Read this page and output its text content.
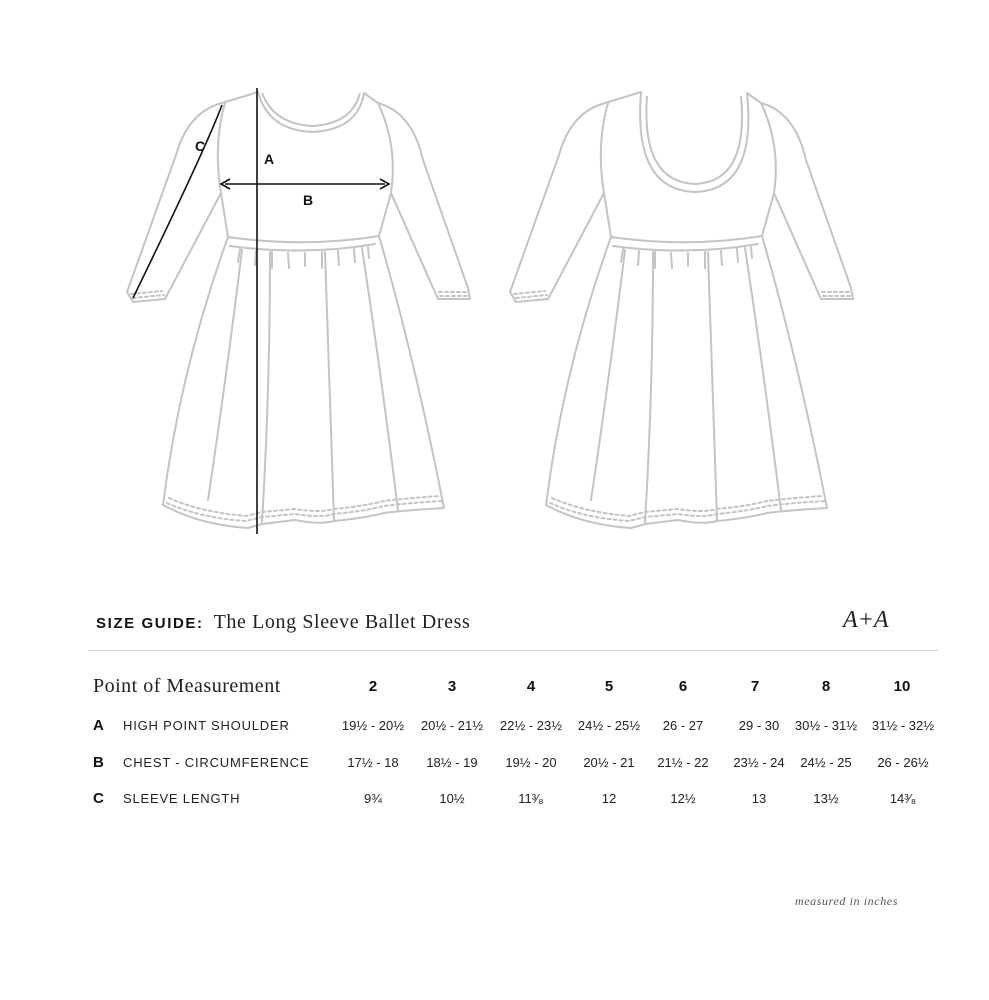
A
B
C
SIZE GUIDE: The Long Sleeve Ballet Dress	A+A
Point of Measurement	2	3	4	5	6	7	8	10
A HIGH POINT SHOULDER	19½ - 20½	20½ - 21½	22½ - 23½	24½ - 25½	26 - 27	29 - 30	30½ - 31½	31½ - 32½
B CHEST - CIRCUMFERENCE	17½ - 18	18½ - 19	19½ - 20	20½ - 21	21½ - 22	23½ - 24	24½ - 25	26 - 26½
C SLEEVE LENGTH	9¾	10½	11³⁄₈	12	12½	13	13½	14³⁄₈
measured in inches
